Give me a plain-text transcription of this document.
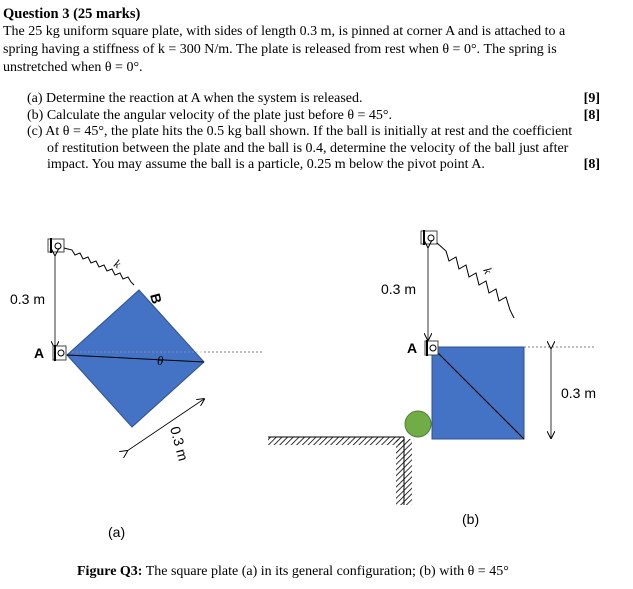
Question 3 (25 marks)
The 25 kg uniform square plate, with sides of length 0.3 m, is pinned at corner A and is attached to a
spring having a stiffness of k = 300 N/m. The plate is released from rest when θ = 0°. The spring is
unstretched when θ = 0°.
(a) Determine the reaction at A when the system is released.	[9]
(b) Calculate the angular velocity of the plate just before θ = 45°.	[8]
(c) At θ = 45°, the plate hits the 0.5 kg ball shown. If the ball is initially at rest and the coefficient
of restitution between the plate and the ball is 0.4, determine the velocity of the ball just after
impact. You may assume the ball is a particle, 0.25 m below the pivot point A.	[8]
0.3 m
k
A
B
θ
0.3 m
(a)
0.3 m
k
A
0.3 m
(b)
Figure Q3: The square plate (a) in its general configuration; (b) with θ = 45°
